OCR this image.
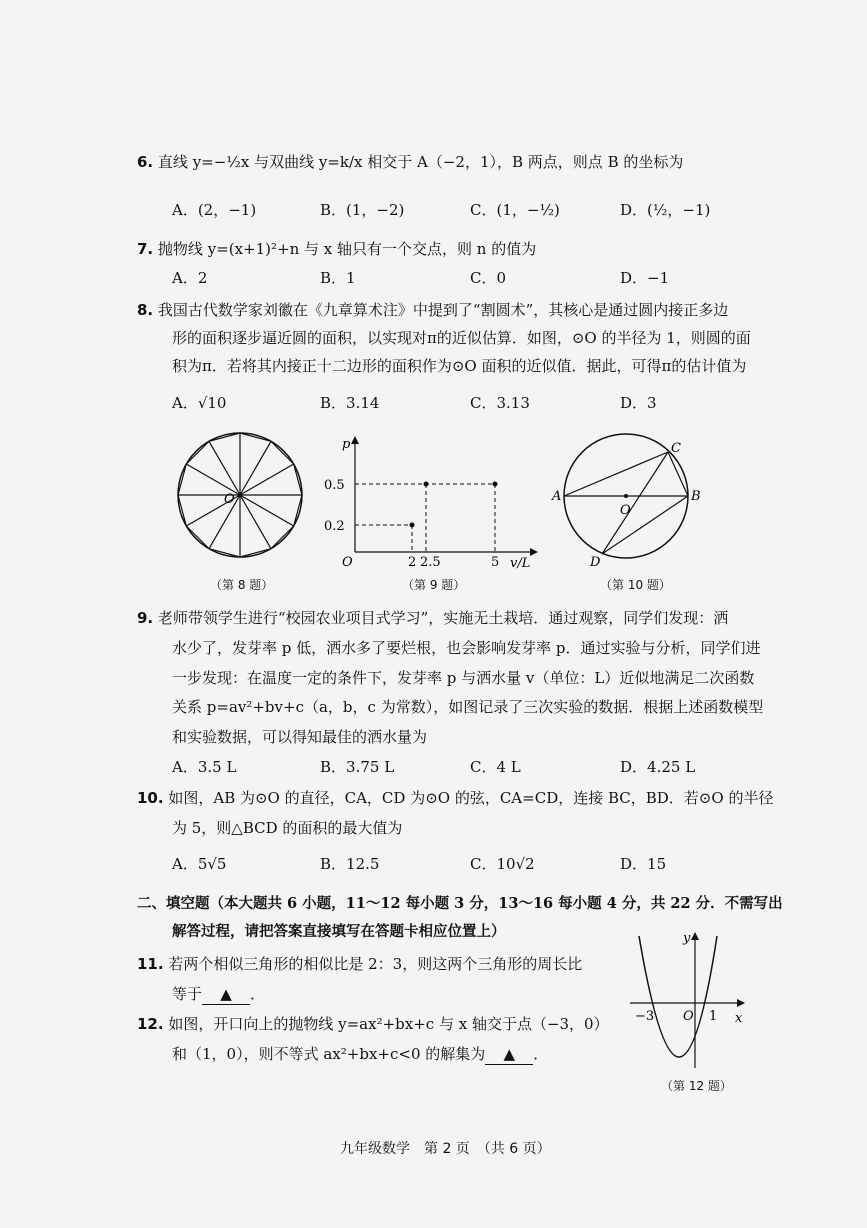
6. 直线 y=−½x 与双曲线 y=k/x 相交于 A（−2，1），B 两点，则点 B 的坐标为
A．(2，−1)	B．(1，−2)	C．(1，−½)	D．(½，−1)
7. 抛物线 y=(x+1)²+n 与 x 轴只有一个交点，则 n 的值为
A．2	B．1	C．0	D．−1
8. 我国古代数学家刘徽在《九章算术注》中提到了“割圆术”，其核心是通过圆内接正多边
形的面积逐步逼近圆的面积，以实现对π的近似估算．如图，⊙O 的半径为 1，则圆的面
积为π．若将其内接正十二边形的面积作为⊙O 面积的近似值．据此，可得π的估计值为
A．√10	B．3.14	C．3.13	D．3
O
（第 8 题）
p
v/L
O
0.5
0.2
2 2.5	5
（第 9 题）
A	B
C
D
O
（第 10 题）
9. 老师带领学生进行“校园农业项目式学习”，实施无土栽培．通过观察，同学们发现：洒
水少了，发芽率 p 低，洒水多了要烂根，也会影响发芽率 p．通过实验与分析，同学们进
一步发现：在温度一定的条件下，发芽率 p 与洒水量 v（单位：L）近似地满足二次函数
关系 p=av²+bv+c（a，b，c 为常数），如图记录了三次实验的数据．根据上述函数模型
和实验数据，可以得知最佳的洒水量为
A．3.5 L	B．3.75 L	C．4 L	D．4.25 L
10. 如图，AB 为⊙O 的直径，CA，CD 为⊙O 的弦，CA=CD，连接 BC，BD．若⊙O 的半径
为 5，则△BCD 的面积的最大值为
A．5√5	B．12.5	C．10√2	D．15
二、填空题（本大题共 6 小题，11～12 每小题 3 分，13～16 每小题 4 分，共 22 分．不需写出
解答过程，请把答案直接填写在答题卡相应位置上）
11. 若两个相似三角形的相似比是 2：3，则这两个三角形的周长比
等于 ▲ ．
12. 如图，开口向上的抛物线 y=ax²+bx+c 与 x 轴交于点（−3，0）
和（1，0），则不等式 ax²+bx+c<0 的解集为 ▲ ．
y
x
O
−3	1
（第 12 题）
九年级数学　第 2 页　（共 6 页）
